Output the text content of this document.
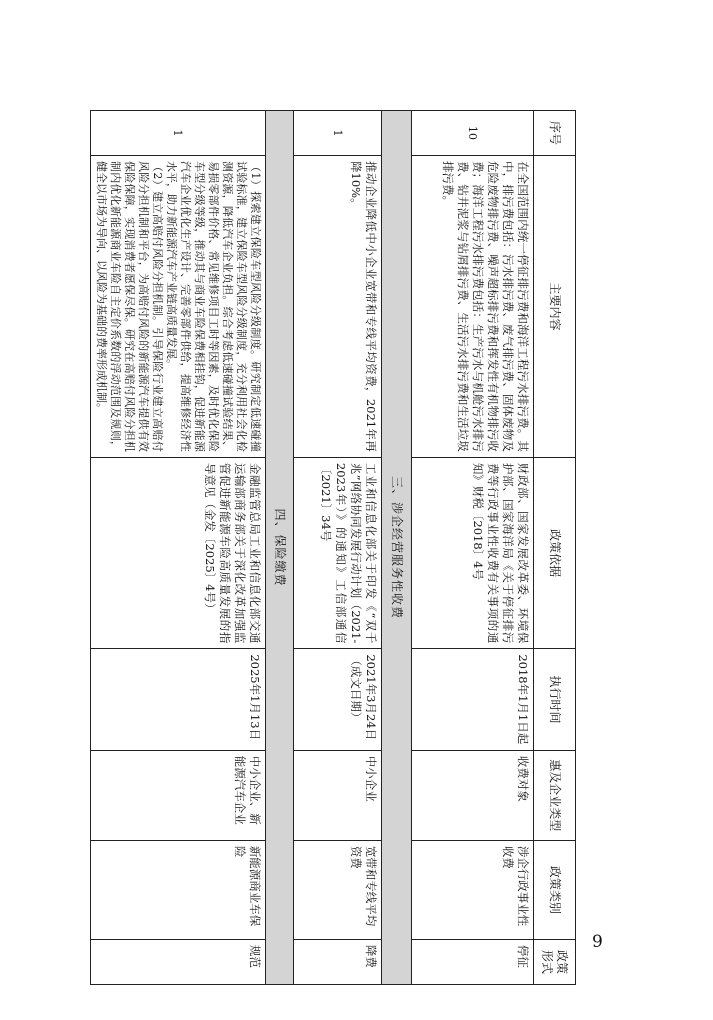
序号	主要内容	政策依据	执行时间	惠及企业类型	政策类别	政策形式
10	在全国范围内统一停征排污费和海洋工程污水排污费。其中，排污费包括：污水排污费、废气排污费、固体废物及危险废物排污费、噪声超标排污费和挥发性有机物排污收费；海洋工程污水排污费包括：生产污水与机舱污水排污费、钻井泥浆与钻屑排污费、生活污水排污费和生活垃圾排污费。	财政部、国家发展改革委、环境保护部、国家海洋局《关于停征排污费等行政事业性收费有关事项的通知》财税〔2018〕4号	2018年1月1日起	收费对象	涉企行政事业性收费	停征
三、涉企经营服务性收费						
1	推动企业降低中小企业宽带和专线平均资费，2021年再降10%。	工业和信息化部关于印发《“双千兆”网络协同发展行动计划（2021-2023年）》的通知》工信部通信〔2021〕34号	2021年3月24日（成文日期）	中小企业	宽带和专线平均资费	降费
四、保险缴费						
1	（1）探索建立保险车型风险分级制度。研究制定低速碰撞试验标准，建立保险车型风险分级制度，充分利用社会化检测资源，降低汽车企业负担。综合考虑低速碰撞试验结果、易损零部件价格、常见维修项目工时等因素，及时优化保险车型分级等级，推动其与商业车险保费相挂钩，促进新能源汽车企业优化生产设计、完善零部件供给，提高维修经济性水平，助力新能源汽车产业链高质量发展。
（2）建立高赔付风险分担机制。引导保险行业建立高赔付风险分担机制和平台，为高赔付风险的新能源汽车提供有效保险保障，实现消费者愿保尽保。研究在高赔付风险分担机制内优化新能源商业车险自主定价系数的浮动范围及规则，健全以市场为导向、以风险为基础的费率形成机制。	金融监管总局工业和信息化部交通运输部商务部关于深化改革加强监管促进新能源车险高质量发展的指导意见（金发〔2025〕4号）	2025年1月13日	中小企业、新能源汽车企业	新能源商业车保险	规范
9
